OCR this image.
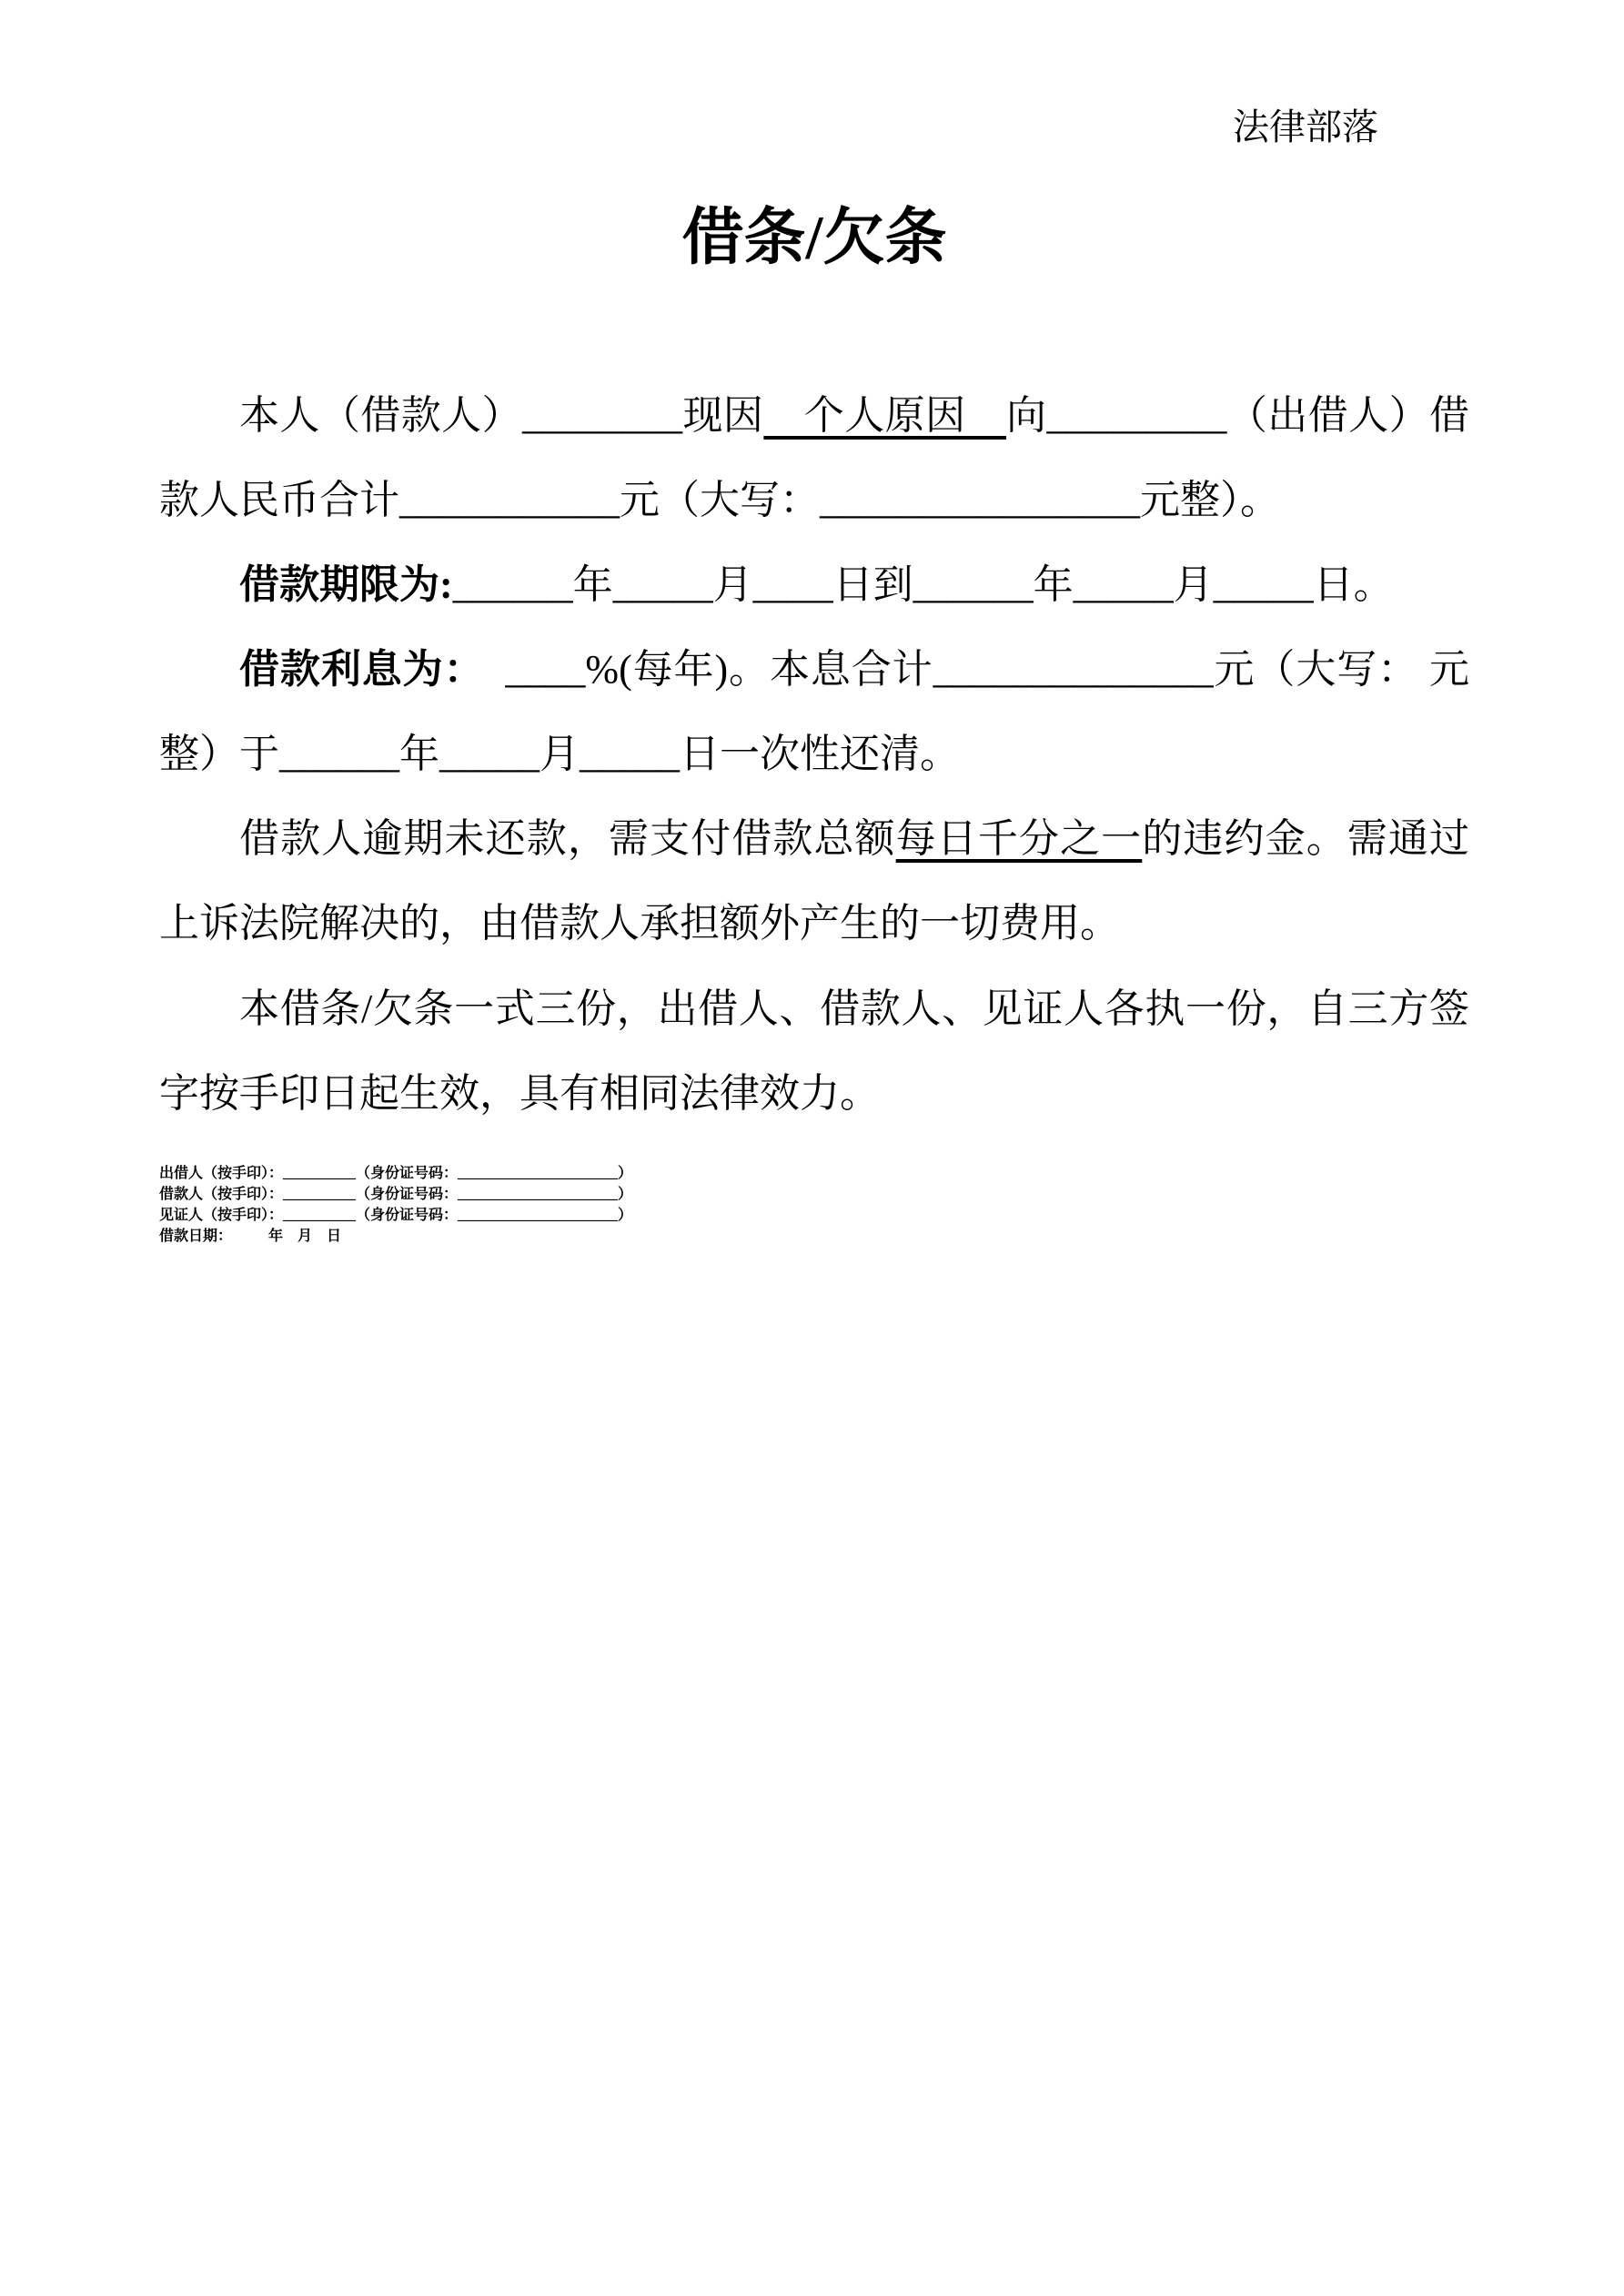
法律部落
借条/欠条

本人（借款人）________现因　个人原因　向_________（出借人）借款人民币合计___________元（大写：________________元整）。

借款期限为:______年_____月____日到______年_____月_____日。

借款利息为：　____%(每年)。本息合计______________元（大写： 元整）于______年_____月_____日一次性还清。

借款人逾期未还款，需支付借款总额每日千分之一的违约金。需通过上诉法院解决的，由借款人承担额外产生的一切费用。

本借条/欠条一式三份，出借人、借款人、见证人各执一份，自三方签字按手印日起生效，具有相同法律效力。

出借人（按手印）：__________（身份证号码：______________________）

借款人（按手印）：__________（身份证号码：______________________）

见证人（按手印）：__________（身份证号码：______________________）

借款日期：　　　年　月　日
